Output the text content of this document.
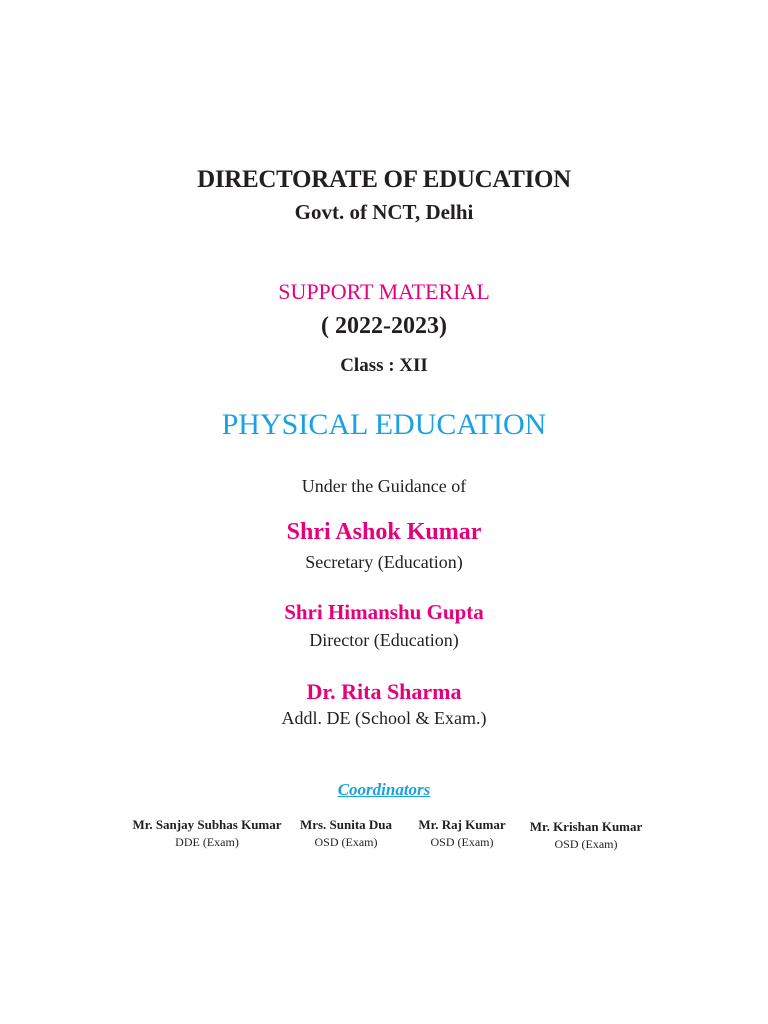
DIRECTORATE OF EDUCATION
Govt. of NCT, Delhi
SUPPORT MATERIAL
( 2022-2023)
Class : XII
PHYSICAL EDUCATION
Under the Guidance of
Shri Ashok Kumar
Secretary (Education)
Shri Himanshu Gupta
Director (Education)
Dr. Rita Sharma
Addl. DE (School & Exam.)
Coordinators
Mr. Sanjay Subhas Kumar
DDE (Exam)
Mrs. Sunita Dua
OSD (Exam)
Mr. Raj Kumar
OSD (Exam)
Mr. Krishan Kumar
OSD (Exam)
